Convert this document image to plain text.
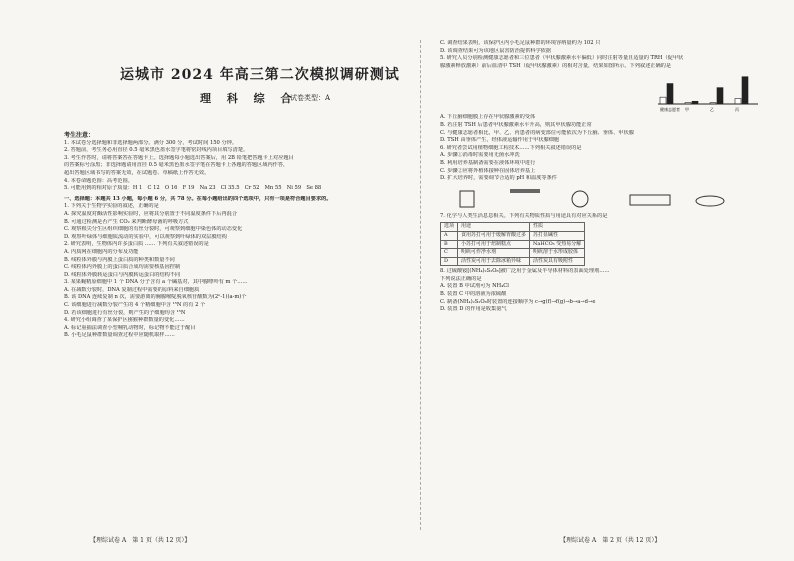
运城市 2024 年高三第二次模拟调研测试
理 科 综 合
试卷类型：A
考生注意：
1. 本试卷分选择题和非选择题两部分。满分 300 分，考试时间 150 分钟。
2. 答题前，考生务必用直径 0.5 毫米黑色墨水签字笔将密封线内项目填写清楚。
3. 考生作答时，请将答案答在答题卡上。选择题每小题选出答案后，用 2B 铅笔把答题卡上对应题目
的答案标号涂黑；非选择题请用直径 0.5 毫米黑色墨水签字笔在答题卡上各题的答题区域内作答，
超出答题区域书写的答案无效，在试题卷、草稿纸上作答无效。
4. 本卷命题范围：高考范围。
5. 可能用到的相对原子质量：H 1　C 12　O 16　F 19　Na 23　Cl 35.5　Cr 52　Mn 55　Ni 59　Se 88
一、选择题：本题共 13 小题，每小题 6 分，共 78 分。在每小题给出的四个选项中，只有一项是符合题目要求的。
1. 下列关于生物学实验的叙述，正确的是
A. 探究温度对酶活性影响实验时，应将其分别置于不同温度条件下后再混合
B. 可通过检测是否产生 CO₂ 来判断酵母菌的呼吸方式
C. 观察根尖分生区组织细胞的有丝分裂时，可观察到细胞中染色体的动态变化
D. 观察叶绿体与细胞质流动的实验中，可以观察到叶绿体的双层膜结构
2. 研究表明，生物体内许多蛋白质 …… 下列有关叙述错误的是
A. 内质网在细胞内的分布及功能
B. 线粒体外膜与内膜上蛋白质的种类和数量不同
C. 线粒体内外膜上的蛋白质合成均需要核基因控制
D. 线粒体外膜转运蛋白与内膜转运蛋白的结构不同
3. 某果蝇精原细胞中 1 个 DNA 分子含有 a 个碱基对，其中腺嘌呤有 m 个……
A. 在减数分裂时，DNA 复制过程中需要的原料来自细胞质
B. 该 DNA 连续复制 n 次，需要游离的胸腺嘧啶脱氧核苷酸数为(2ⁿ-1)(a-m)个
C. 该细胞进行减数分裂产生的 4 个精细胞中含 ¹⁵N 的有 2 个
D. 若该细胞进行有丝分裂，则产生的子细胞均含 ¹⁵N
4. 研究小组调查了某保护区猕猴种群数量的变化……
A. 标记重捕法调查小型哺乳动物时，标记物不能过于醒目
B. 小毛足鼠种群数量调查过程中应随机取样……
C. 调查结果表明，该保护区内小毛足鼠种群的环境容纳量约为 102 只
D. 该调查结果可为该地区鼠害防治提供科学依据
5. 研究人员分别检测健康志愿者和三位患者（甲状腺激素水平偏低）同时注射等量且适量的 TRH（促甲状
腺激素释放激素）前后血清中 TSH（促甲状腺激素）的相对含量，结果如图所示。下列叙述正确的是
健康志愿者 甲	乙	丙
A. 下丘脑细胞膜上存在甲状腺激素的受体
B. 若注射 TSH 后患者甲状腺激素水平升高，则其甲状腺功能正常
C. 与健康志愿者相比，甲、乙、丙患者的病变部位可能依次为下丘脑、垂体、甲状腺
D. TSH 由垂体产生，经体液运输作用于甲状腺细胞
6. 研究者尝试用植物细胞工程技术……下列相关叙述错误的是
A. 步骤①消毒时需要用无菌水冲洗
B. 利用培养基制备需要在液体环境中进行
C. 步骤②应将外植体接种在固体培养基上
D. 扩大培养时，需要调节合适的 pH 和温度等条件
7. 化学与人类生活息息相关。下列有关物质性质与用途具有对应关系的是
选项	用途	性质
A	食用苏打可用于缓解胃酸过多	苏打显碱性
B	小苏打可用于焙制糕点	NaHCO₃ 受热易分解
C	明矾可作净水剂	明矾溶于水形成胶体
D	活性炭可用于去除冰箱异味	活性炭具有吸附性
8. 过硫酸铵[(NH₄)₂S₂O₈]被广泛用于金属及半导体材料的表面处理剂……
下列说法正确的是
A. 装置 B 中试剂可为 NH₄Cl
B. 装置 C 中的溶液为浓硫酸
C. 制备(NH₄)₂S₂O₈时装置的连接顺序为 c→g(f)→f(g)→b→a→d→e
D. 装置 D 的作用是收集氨气
【理综试卷 A　第 1 页（共 12 页）】	【理综试卷 A　第 2 页（共 12 页）】
